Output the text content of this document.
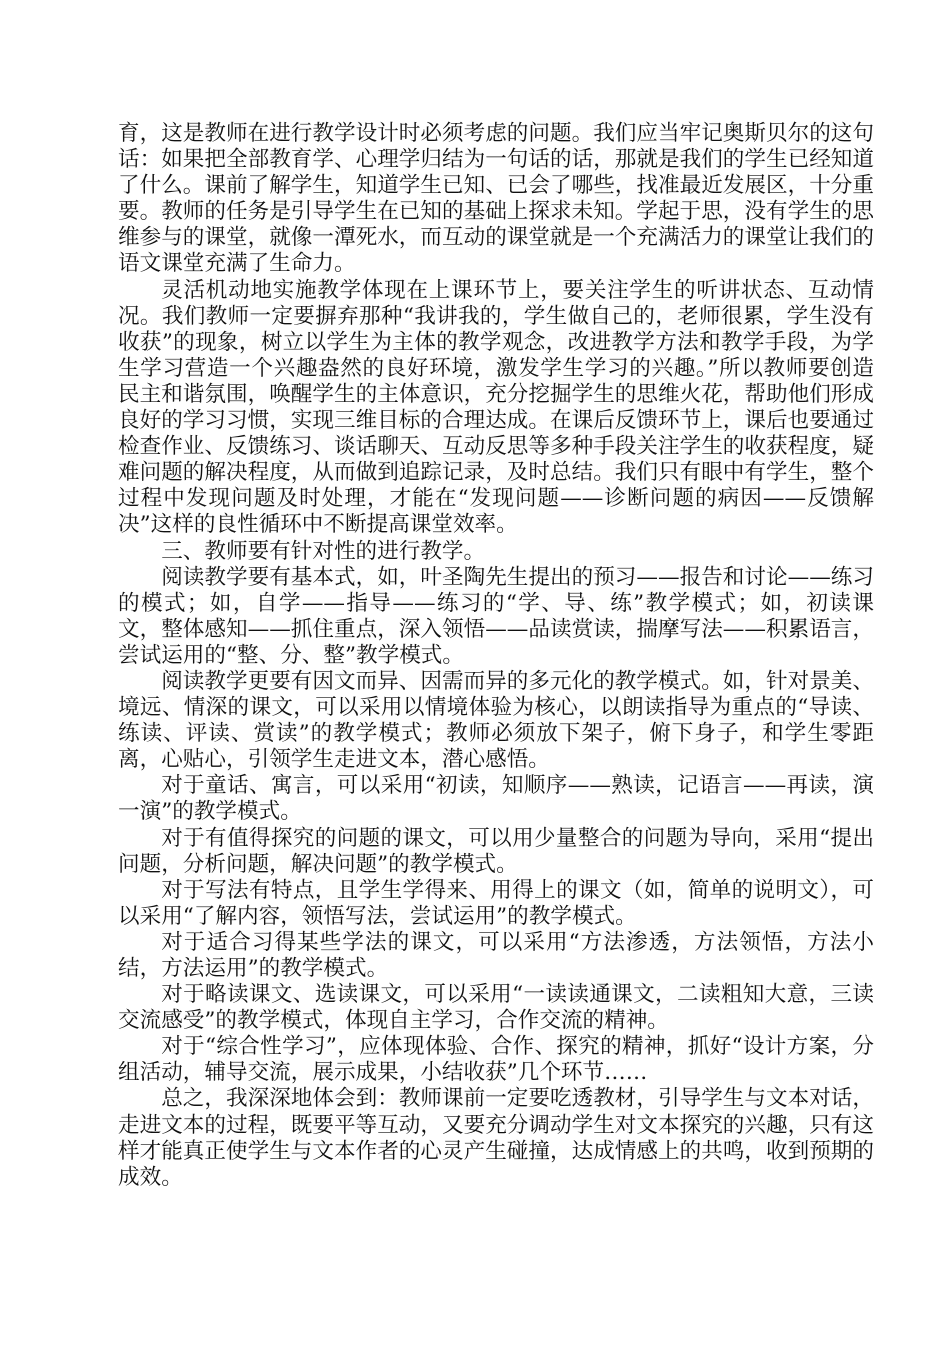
育，这是教师在进行教学设计时必须考虑的问题。我们应当牢记奥斯贝尔的这句话：如果把全部教育学、心理学归结为一句话的话，那就是我们的学生已经知道了什么。课前了解学生，知道学生已知、已会了哪些，找准最近发展区，十分重要。教师的任务是引导学生在已知的基础上探求未知。学起于思，没有学生的思维参与的课堂，就像一潭死水，而互动的课堂就是一个充满活力的课堂让我们的语文课堂充满了生命力。

灵活机动地实施教学体现在上课环节上，要关注学生的听讲状态、互动情况。我们教师一定要摒弃那种“我讲我的，学生做自己的，老师很累，学生没有收获”的现象，树立以学生为主体的教学观念，改进教学方法和教学手段，为学生学习营造一个兴趣盎然的良好环境，激发学生学习的兴趣。”所以教师要创造民主和谐氛围，唤醒学生的主体意识，充分挖掘学生的思维火花，帮助他们形成良好的学习习惯，实现三维目标的合理达成。在课后反馈环节上，课后也要通过检查作业、反馈练习、谈话聊天、互动反思等多种手段关注学生的收获程度，疑难问题的解决程度，从而做到追踪记录，及时总结。我们只有眼中有学生，整个过程中发现问题及时处理，才能在“发现问题——诊断问题的病因——反馈解决”这样的良性循环中不断提高课堂效率。

三、教师要有针对性的进行教学。

阅读教学要有基本式，如，叶圣陶先生提出的预习——报告和讨论——练习的模式；如，自学——指导——练习的“学、导、练”教学模式；如，初读课文，整体感知——抓住重点，深入领悟——品读赏读，揣摩写法——积累语言，尝试运用的“整、分、整”教学模式。

阅读教学更要有因文而异、因需而异的多元化的教学模式。如，针对景美、境远、情深的课文，可以采用以情境体验为核心，以朗读指导为重点的“导读、练读、评读、赏读”的教学模式；教师必须放下架子，俯下身子，和学生零距离，心贴心，引领学生走进文本，潜心感悟。

对于童话、寓言，可以采用“初读，知顺序——熟读，记语言——再读，演一演”的教学模式。

对于有值得探究的问题的课文，可以用少量整合的问题为导向，采用“提出问题，分析问题，解决问题”的教学模式。

对于写法有特点，且学生学得来、用得上的课文（如，简单的说明文），可以采用“了解内容，领悟写法，尝试运用”的教学模式。

对于适合习得某些学法的课文，可以采用“方法渗透，方法领悟，方法小结，方法运用”的教学模式。

对于略读课文、选读课文，可以采用“一读读通课文，二读粗知大意，三读交流感受”的教学模式，体现自主学习，合作交流的精神。

对于“综合性学习”，应体现体验、合作、探究的精神，抓好“设计方案，分组活动，辅导交流，展示成果，小结收获”几个环节……

总之，我深深地体会到：教师课前一定要吃透教材，引导学生与文本对话，走进文本的过程，既要平等互动，又要充分调动学生对文本探究的兴趣，只有这样才能真正使学生与文本作者的心灵产生碰撞，达成情感上的共鸣，收到预期的成效。
